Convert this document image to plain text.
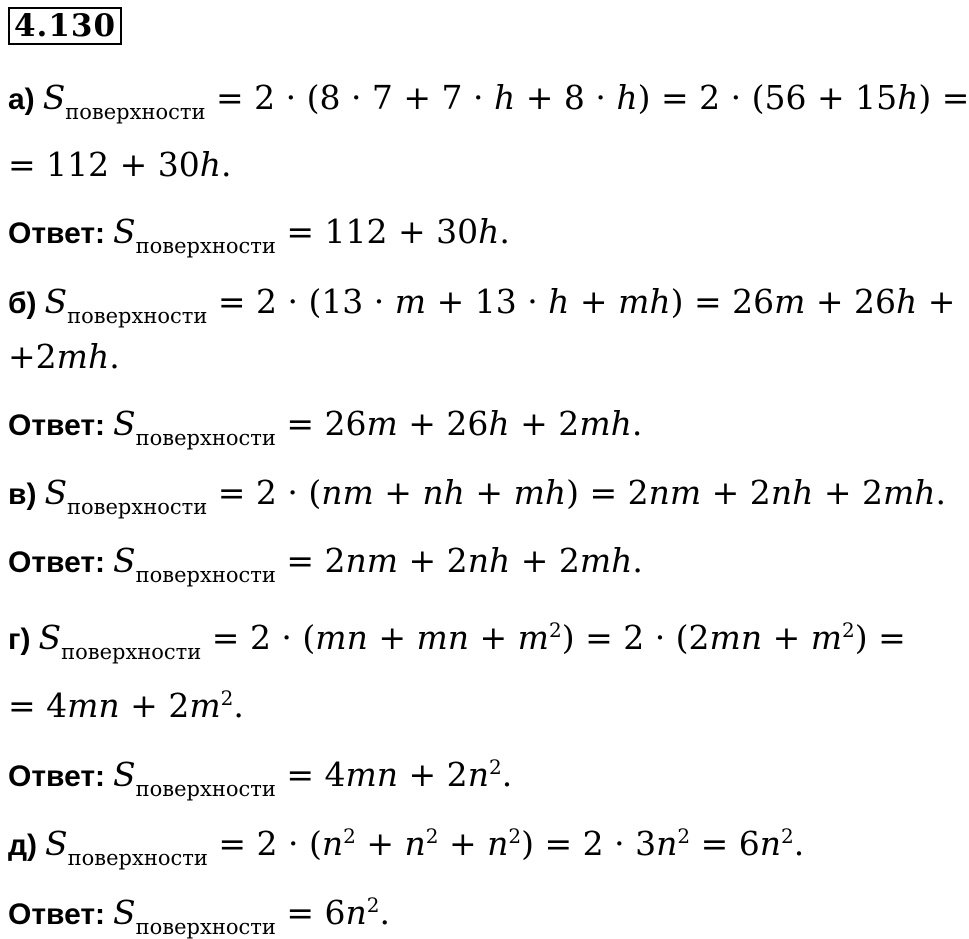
4.130
а) $S_{поверхности} = 2 \cdot (8 \cdot 7 + 7 \cdot h + 8 \cdot h) = 2 \cdot (56 + 15h)$ =
= 112 + 30h.
Ответ: $S_{поверхности} = 112 + 30h$.
б) $S_{поверхности} = 2 \cdot (13 \cdot m + 13 \cdot h + mh) = 26m + 26h$ +
+2mh.
Ответ: $S_{поверхности} = 26m + 26h + 2mh$.
в) $S_{поверхности} = 2 \cdot (nm$ + nh + mh) = 2nm + 2nh + 2mh.
Ответ: $S_{поверхности} = 2nm + 2nh + 2mh$.
г) $S_{поверхности} = 2 \cdot (mn$ + mn + $m^2) = 2 \cdot (2mn + m^2)$ =
= $4mn + 2m^2$.
Ответ: $S_{поверхности} = 4mn + 2n^2$.
д) $S_{поверхности} = 2 \cdot (n^2 + n^2 + n^2) = 2 \cdot 3n^2 = 6n^2$.
Ответ: $S_{поверхности} = 6n^2$.
